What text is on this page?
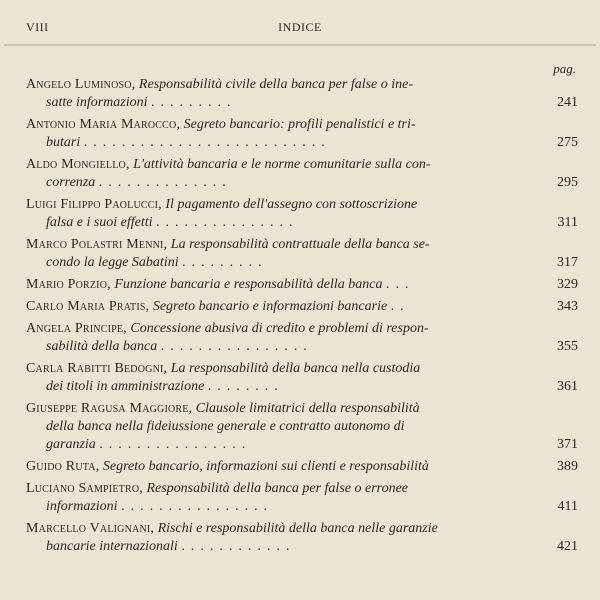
VIII	INDICE
pag.
Angelo Luminoso, Responsabilità civile della banca per false o ine-
satte informazioni .........	241
Antonio Maria Marocco, Segreto bancario: profili penalistici e tri-
butari ..........................	275
Aldo Mongiello, L'attività bancaria e le norme comunitarie sulla con-
correnza ..............	295
Luigi Filippo Paolucci, Il pagamento dell'assegno con sottoscrizione
falsa e i suoi effetti ...............	311
Marco Polastri Menni, La responsabilità contrattuale della banca se-
condo la legge Sabatini .........	317
Mario Porzio, Funzione bancaria e responsabilità della banca ...	329
Carlo Maria Pratis, Segreto bancario e informazioni bancarie ..	343
Angela Principe, Concessione abusiva di credito e problemi di respon-
sabilità della banca ................	355
Carla Rabitti Bedogni, La responsabilità della banca nella custodia
dei titoli in amministrazione ........	361
Giuseppe Ragusa Maggiore, Clausole limitatrici della responsabilità
della banca nella fideiussione generale e contratto autonomo di
garanzia ................	371
Guido Ruta, Segreto bancario, informazioni sui clienti e responsabilità	389
Luciano Sampietro, Responsabilità della banca per false o erronee
informazioni ................	411
Marcello Valignani, Rischi e responsabilità della banca nelle garanzie
bancarie internazionali ............	421
